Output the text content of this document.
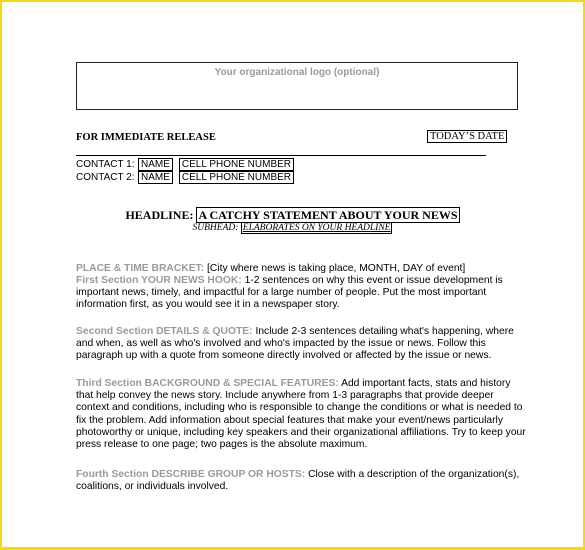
Your organizational logo (optional)
FOR IMMEDIATE RELEASE	TODAY’S DATE
CONTACT 1: NAME CELL PHONE NUMBER
CONTACT 2: NAME CELL PHONE NUMBER
HEADLINE: A CATCHY STATEMENT ABOUT YOUR NEWS
SUBHEAD: ELABORATES ON YOUR HEADLINE
PLACE & TIME BRACKET: [City where news is taking place, MONTH, DAY of event]
First Section YOUR NEWS HOOK: 1-2 sentences on why this event or issue development is important news, timely, and impactful for a large number of people. Put the most important information first, as you would see it in a newspaper story.
Second Section DETAILS & QUOTE: Include 2-3 sentences detailing what's happening, where and when, as well as who's involved and who's impacted by the issue or news. Follow this paragraph up with a quote from someone directly involved or affected by the issue or news.
Third Section BACKGROUND & SPECIAL FEATURES: Add important facts, stats and history that help convey the news story. Include anywhere from 1-3 paragraphs that provide deeper context and conditions, including who is responsible to change the conditions or what is needed to fix the problem. Add information about special features that make your event/news particularly photoworthy or unique, including key speakers and their organizational affiliations. Try to keep your press release to one page; two pages is the absolute maximum.
Fourth Section DESCRIBE GROUP OR HOSTS: Close with a description of the organization(s), coalitions, or individuals involved.
